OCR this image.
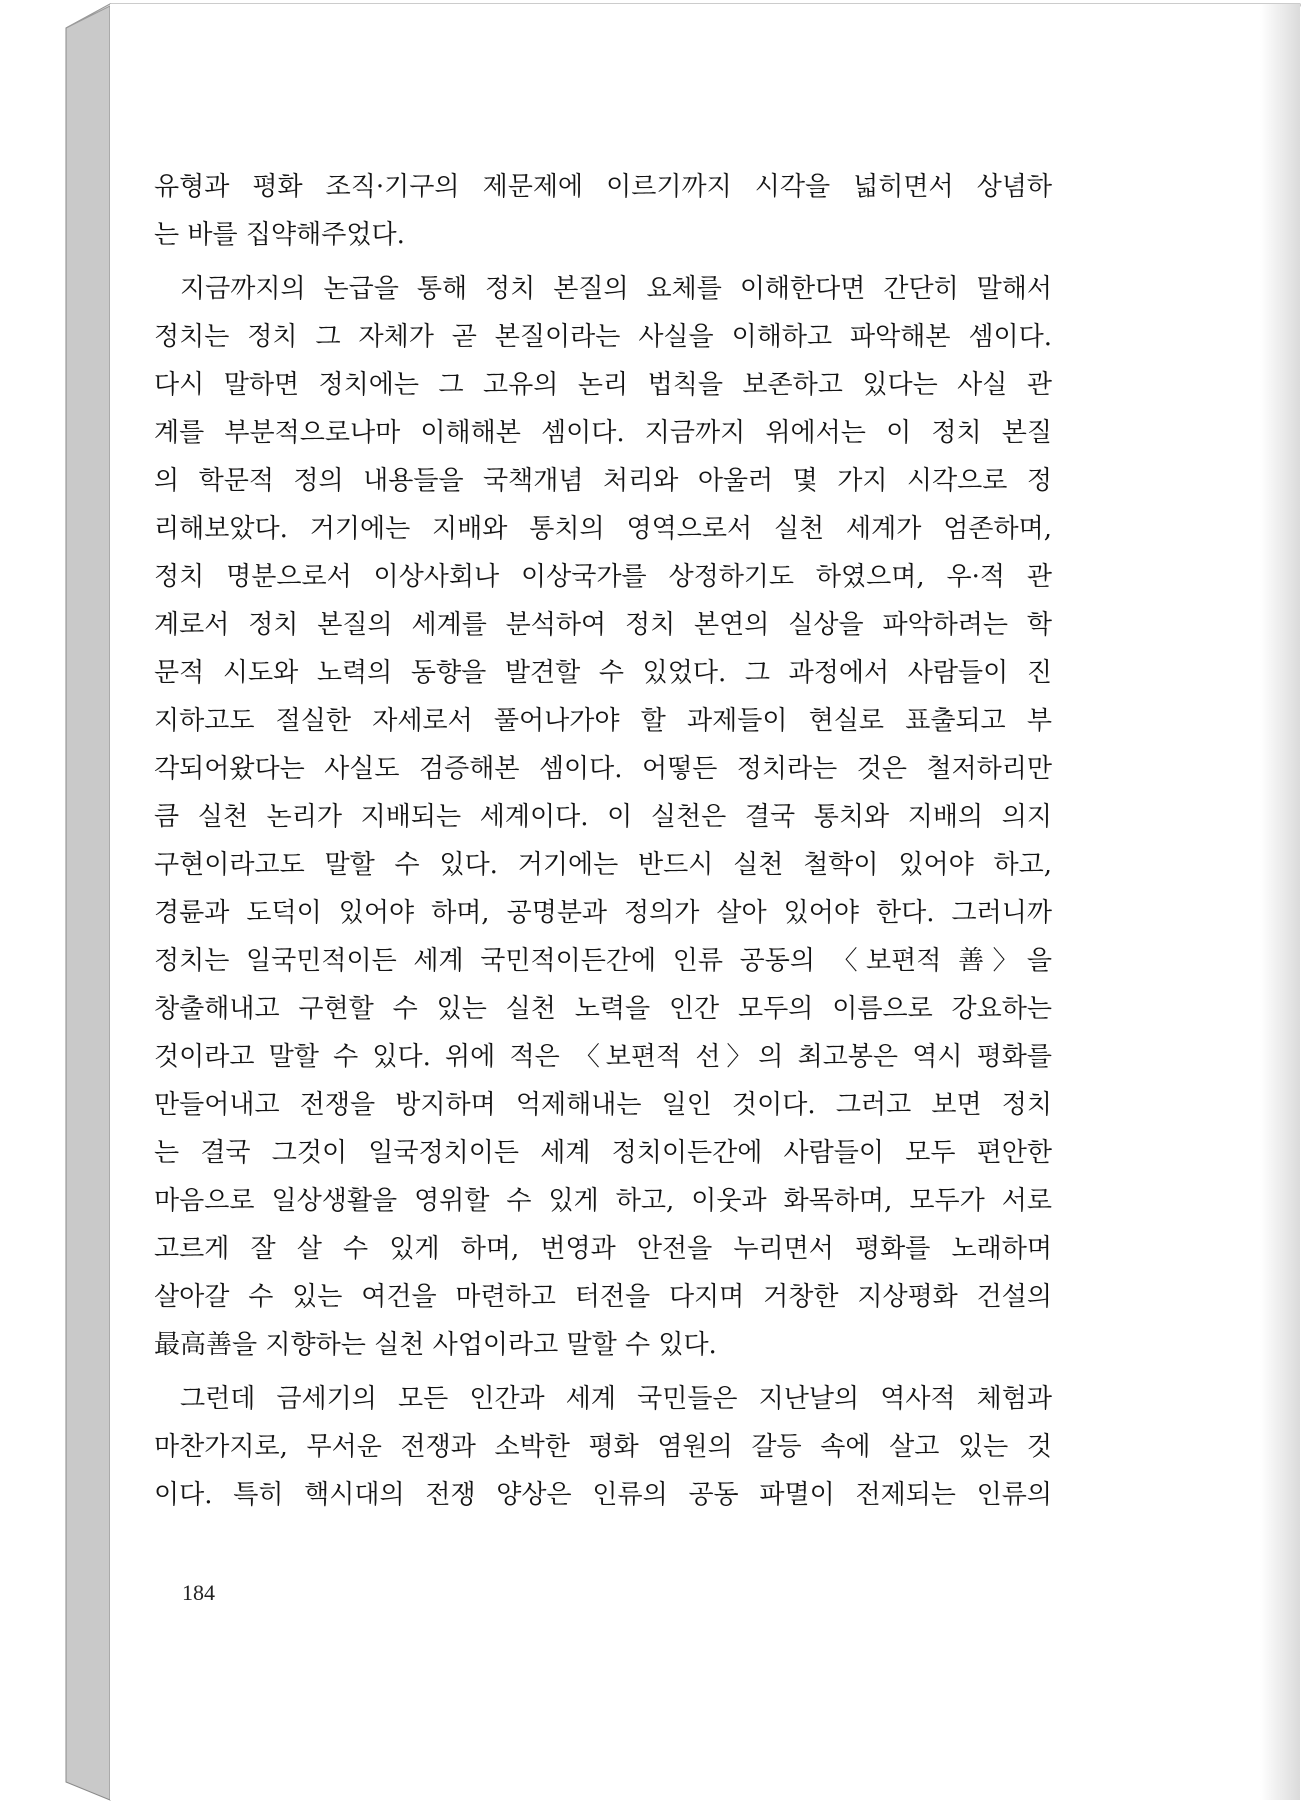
유형과 평화 조직·기구의 제문제에 이르기까지 시각을 넓히면서 상념하
는 바를 집약해주었다.
지금까지의 논급을 통해 정치 본질의 요체를 이해한다면 간단히 말해서
정치는 정치 그 자체가 곧 본질이라는 사실을 이해하고 파악해본 셈이다.
다시 말하면 정치에는 그 고유의 논리 법칙을 보존하고 있다는 사실 관
계를 부분적으로나마 이해해본 셈이다. 지금까지 위에서는 이 정치 본질
의 학문적 정의 내용들을 국책개념 처리와 아울러 몇 가지 시각으로 정
리해보았다. 거기에는 지배와 통치의 영역으로서 실천 세계가 엄존하며,
정치 명분으로서 이상사회나 이상국가를 상정하기도 하였으며, 우·적 관
계로서 정치 본질의 세계를 분석하여 정치 본연의 실상을 파악하려는 학
문적 시도와 노력의 동향을 발견할 수 있었다. 그 과정에서 사람들이 진
지하고도 절실한 자세로서 풀어나가야 할 과제들이 현실로 표출되고 부
각되어왔다는 사실도 검증해본 셈이다. 어떻든 정치라는 것은 철저하리만
큼 실천 논리가 지배되는 세계이다. 이 실천은 결국 통치와 지배의 의지
구현이라고도 말할 수 있다. 거기에는 반드시 실천 철학이 있어야 하고,
경륜과 도덕이 있어야 하며, 공명분과 정의가 살아 있어야 한다. 그러니까
정치는 일국민적이든 세계 국민적이든간에 인류 공동의 〈보편적 善〉을
창출해내고 구현할 수 있는 실천 노력을 인간 모두의 이름으로 강요하는
것이라고 말할 수 있다. 위에 적은 〈보편적 선〉의 최고봉은 역시 평화를
만들어내고 전쟁을 방지하며 억제해내는 일인 것이다. 그러고 보면 정치
는 결국 그것이 일국정치이든 세계 정치이든간에 사람들이 모두 편안한
마음으로 일상생활을 영위할 수 있게 하고, 이웃과 화목하며, 모두가 서로
고르게 잘 살 수 있게 하며, 번영과 안전을 누리면서 평화를 노래하며
살아갈 수 있는 여건을 마련하고 터전을 다지며 거창한 지상평화 건설의
最高善을 지향하는 실천 사업이라고 말할 수 있다.
그런데 금세기의 모든 인간과 세계 국민들은 지난날의 역사적 체험과
마찬가지로, 무서운 전쟁과 소박한 평화 염원의 갈등 속에 살고 있는 것
이다. 특히 핵시대의 전쟁 양상은 인류의 공동 파멸이 전제되는 인류의
184
